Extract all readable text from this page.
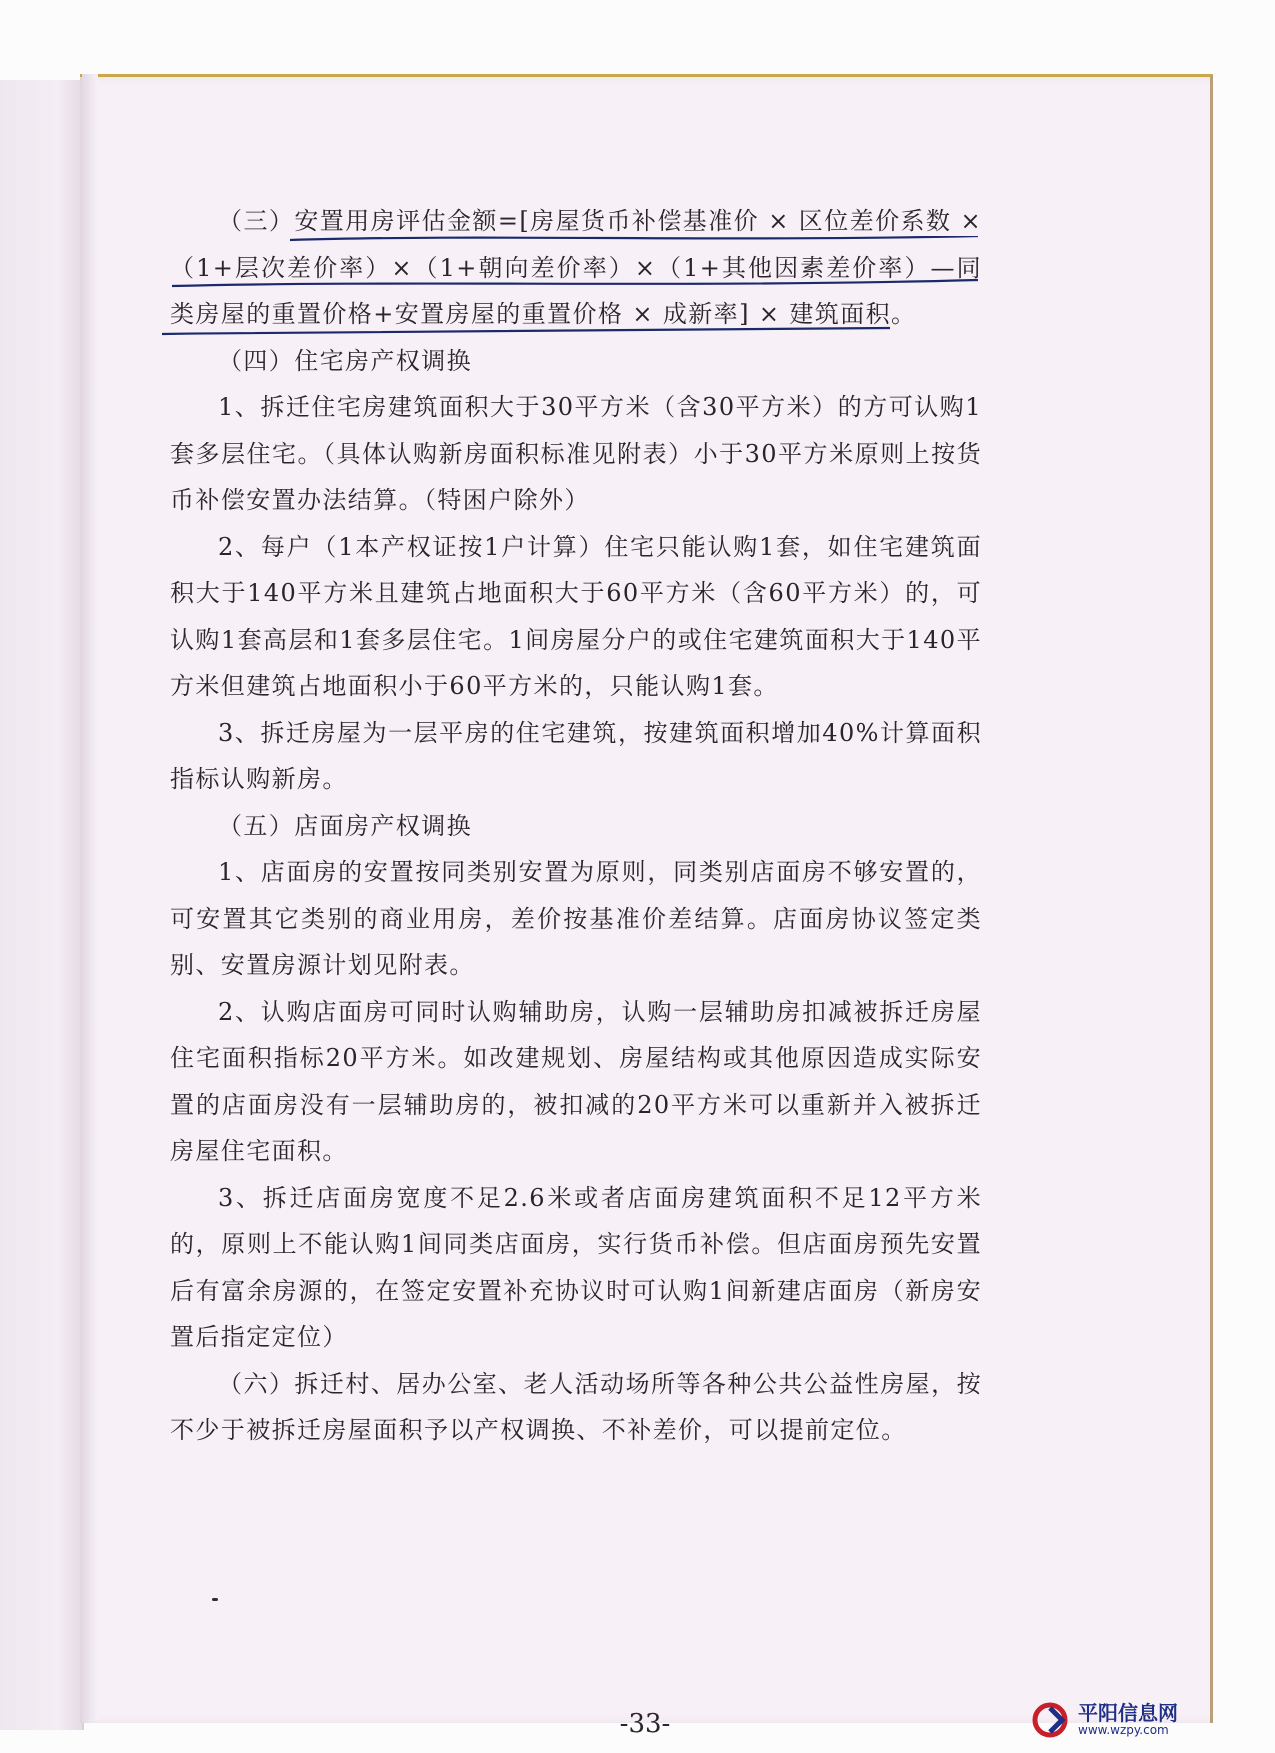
-33-

（三）安置用房评估金额=[房屋货币补偿基准价 × 区位差价系数 ×（1+层次差价率）×（1+朝向差价率）×（1+其他因素差价率）—同类房屋的重置价格+安置房屋的重置价格 × 成新率] × 建筑面积。

（四）住宅房产权调换

1、拆迁住宅房建筑面积大于30平方米（含30平方米）的方可认购1套多层住宅。（具体认购新房面积标准见附表）小于30平方米原则上按货币补偿安置办法结算。（特困户除外）

2、每户（1本产权证按1户计算）住宅只能认购1套，如住宅建筑面积大于140平方米且建筑占地面积大于60平方米（含60平方米）的，可认购1套高层和1套多层住宅。1间房屋分户的或住宅建筑面积大于140平方米但建筑占地面积小于60平方米的，只能认购1套。

3、拆迁房屋为一层平房的住宅建筑，按建筑面积增加40%计算面积指标认购新房。

（五）店面房产权调换

1、店面房的安置按同类别安置为原则，同类别店面房不够安置的，可安置其它类别的商业用房，差价按基准价差结算。店面房协议签定类别、安置房源计划见附表。

2、认购店面房可同时认购辅助房，认购一层辅助房扣减被拆迁房屋住宅面积指标20平方米。如改建规划、房屋结构或其他原因造成实际安置的店面房没有一层辅助房的，被扣减的20平方米可以重新并入被拆迁房屋住宅面积。

3、拆迁店面房宽度不足2.6米或者店面房建筑面积不足12平方米的，原则上不能认购1间同类店面房，实行货币补偿。但店面房预先安置后有富余房源的，在签定安置补充协议时可认购1间新建店面房（新房安置后指定定位）

（六）拆迁村、居办公室、老人活动场所等各种公共公益性房屋，按不少于被拆迁房屋面积予以产权调换、不补差价，可以提前定位。

平阳信息网
www.wzpy.com
